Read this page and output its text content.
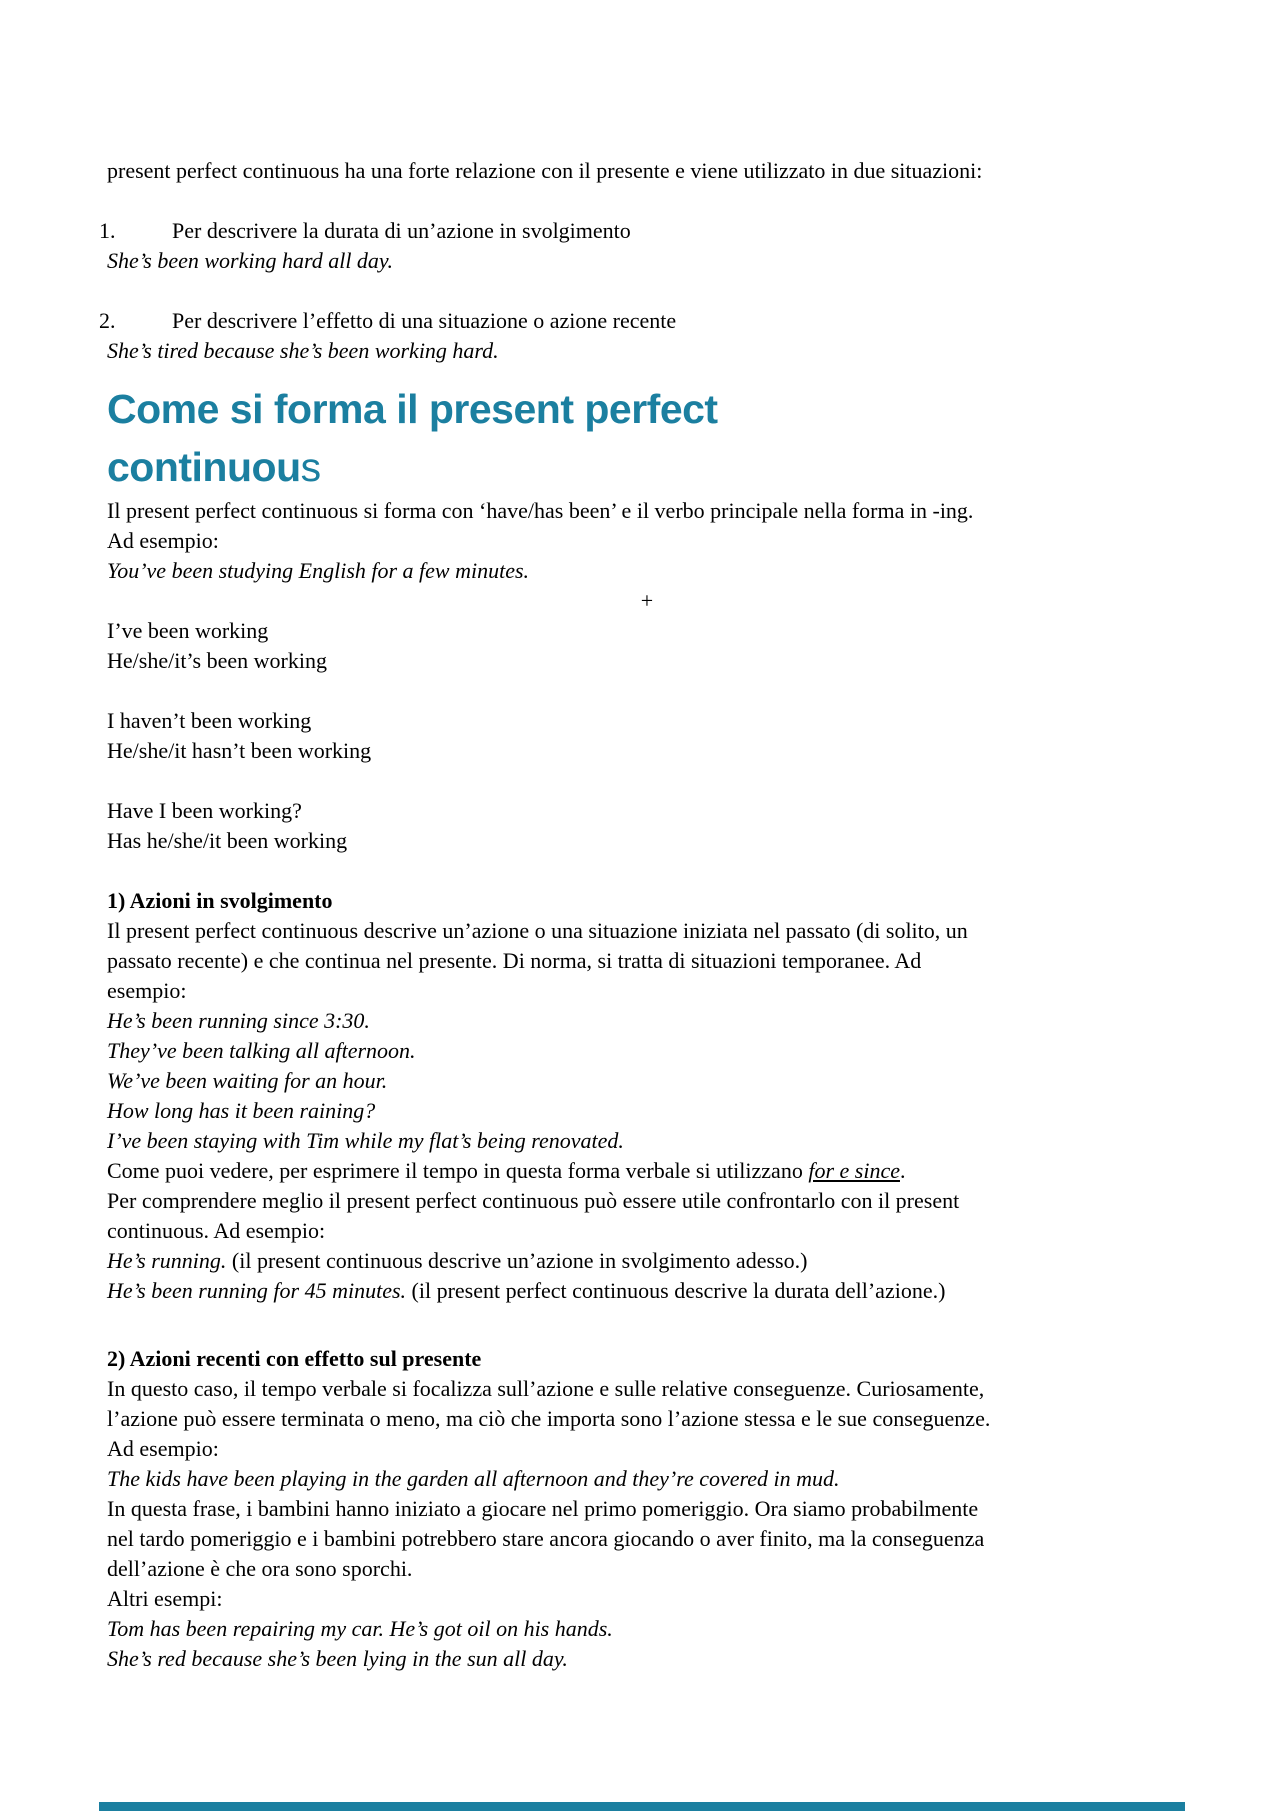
present perfect continuous ha una forte relazione con il presente e viene utilizzato in due situazioni:
1.	Per descrivere la durata di un’azione in svolgimento
She’s been working hard all day.
2.	Per descrivere l’effetto di una situazione o azione recente
She’s tired because she’s been working hard.
Come si forma il present perfect
continuous
Il present perfect continuous si forma con ‘have/has been’ e il verbo principale nella forma in -ing.
Ad esempio:
You’ve been studying English for a few minutes.
+
I’ve been working
He/she/it’s been working
I haven’t been working
He/she/it hasn’t been working
Have I been working?
Has he/she/it been working
1) Azioni in svolgimento
Il present perfect continuous descrive un’azione o una situazione iniziata nel passato (di solito, un
passato recente) e che continua nel presente. Di norma, si tratta di situazioni temporanee. Ad
esempio:
He’s been running since 3:30.
They’ve been talking all afternoon.
We’ve been waiting for an hour.
How long has it been raining?
I’ve been staying with Tim while my flat’s being renovated.
Come puoi vedere, per esprimere il tempo in questa forma verbale si utilizzano for e since.
Per comprendere meglio il present perfect continuous può essere utile confrontarlo con il present
continuous. Ad esempio:
He’s running. (il present continuous descrive un’azione in svolgimento adesso.)
He’s been running for 45 minutes. (il present perfect continuous descrive la durata dell’azione.)
2) Azioni recenti con effetto sul presente
In questo caso, il tempo verbale si focalizza sull’azione e sulle relative conseguenze. Curiosamente,
l’azione può essere terminata o meno, ma ciò che importa sono l’azione stessa e le sue conseguenze.
Ad esempio:
The kids have been playing in the garden all afternoon and they’re covered in mud.
In questa frase, i bambini hanno iniziato a giocare nel primo pomeriggio. Ora siamo probabilmente
nel tardo pomeriggio e i bambini potrebbero stare ancora giocando o aver finito, ma la conseguenza
dell’azione è che ora sono sporchi.
Altri esempi:
Tom has been repairing my car. He’s got oil on his hands.
She’s red because she’s been lying in the sun all day.
